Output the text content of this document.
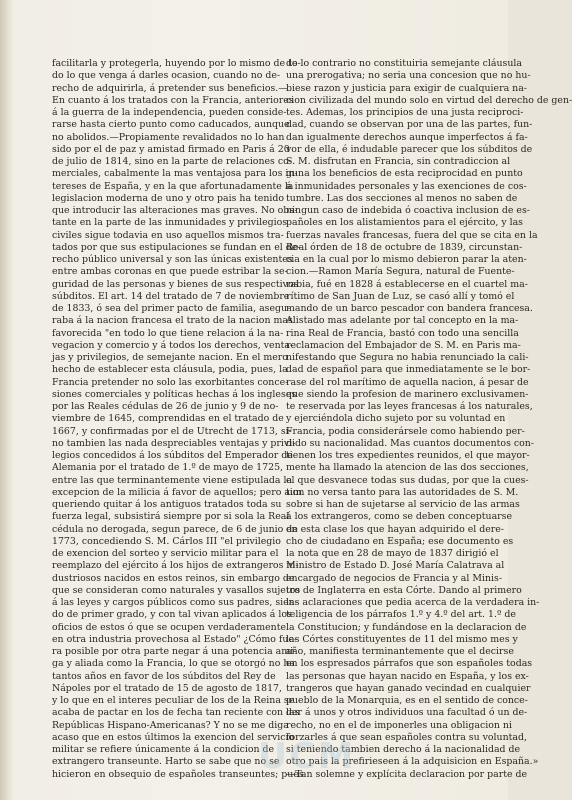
facilitarla y protegerla, huyendo por lo mismo de to-
do lo que venga á darles ocasion, cuando no de-
recho de adquirirla, á pretender sus beneficios.—
En cuanto á los tratados con la Francia, anteriores
á la guerra de la independencia, pueden conside-
rarse hasta cierto punto como caducados, aunque
no abolidos.—Propiamente revalidados no lo han
sido por el de paz y amistad firmado en Paris á 20
de julio de 1814, sino en la parte de relaciones co-
merciales, cabalmente la mas ventajosa para los in-
tereses de España, y en la que afortunadamente la
legislacion moderna de uno y otro pais ha tenido
que introducir las alteraciones mas graves. No obs-
tante en la parte de las inmunidades y privilegios
civiles sigue todavia en uso aquellos mismos tra-
tados por que sus estipulaciones se fundan en el de-
recho público universal y son las únicas existentes
entre ambas coronas en que puede estribar la se-
guridad de las personas y bienes de sus respectivos
súbditos. El art. 14 del tratado de 7 de noviembre
de 1833, ó sea del primer pacto de familia, asegu-
raba á la nacion francesa el trato de la nacion mas
favorecida "en todo lo que tiene relacion á la na-
vegacion y comercio y á todos los derechos, venta-
jas y privilegios, de semejante nacion. En el mero
hecho de establecer esta cláusula, podia, pues, la
Francia pretender no solo las exorbitantes conce-
siones comerciales y políticas hechas á los ingleses
por las Reales cédulas de 26 de junio y 9 de no-
viembre de 1645, comprendidas en el tratado de
1667, y confirmadas por el de Utrecht de 1713, si-
no tambien las nada despreciables ventajas y privi-
legios concedidos á los súbditos del Emperador de
Alemania por el tratado de 1.º de mayo de 1725,
entre las que terminantemente viene estipulada la
excepcion de la milicia á favor de aquellos; pero aun
queriendo quitar á los antiguos tratados toda su
fuerza legal, subsistirá siempre por si sola la Real
cédula no derogada, segun parece, de 6 de junio de
1773, concediendo S. M. Cárlos III "el privilegio
de exencion del sorteo y servicio militar para el
reemplazo del ejército á los hijos de extrangeros in-
dustriosos nacidos en estos reinos, sin embargo de
que se consideran como naturales y vasallos sujetos
á las leyes y cargos públicos como sus padres, sien-
do de primer grado, y con tal vivan aplicados á los
oficios de estos ó que se ocupen verdaderamente
en otra industria provechosa al Estado" ¿Cómo fue-
ra posible por otra parte negar á una potencia ami-
ga y aliada como la Francia, lo que se otorgó no ha
tantos años en favor de los súbditos del Rey de
Nápoles por el tratado de 15 de agosto de 1817,
y lo que en el interes peculiar de los de la Reina se
acaba de pactar en los de fecha tan reciente con las
Repúblicas Hispano-Americanas? Y no se me diga
acaso que en estos últimos la exencion del servicio
militar se refiere únicamente á la condicion de
extrangero transeunte. Harto se sabe que no se
hicieron en obsequio de españoles transeuntes; pues
de lo contrario no constituiria semejante cláusula
una prerogativa; no seria una concesion que no hu-
biese razon y justicia para exigir de cualquiera na-
cion civilizada del mundo solo en virtud del derecho de gen-
tes. Ademas, los principios de una justa reciproci-
dad, cuando se observan por una de las partes, fun-
dan igualmente derechos aunque imperfectos á fa-
vor de ella, é indudable parecer que los súbditos de
S. M. disfrutan en Francia, sin contradiccion al
guna los beneficios de esta reciprocidad en punto
á inmunidades personales y las exenciones de cos-
tumbre. Las dos secciones al menos no saben de
ningun caso de indebida ó coactiva inclusion de es-
pañoles en los alistamientos para el ejército, y las
fuerzas navales francesas, fuera del que se cita en la
Real órden de 18 de octubre de 1839, circunstan-
cia en la cual por lo mismo debieron parar la aten-
cion.—Ramon María Segura, natural de Fuente-
rabia, fué en 1828 á establecerse en el cuartel ma-
rítimo de San Juan de Luz, se casó allí y tomó el
mando de un barco pescador con bandera francesa.
Alistado mas adelante por tal concepto en la ma-
rina Real de Francia, bastó con todo una sencilla
reclamacion del Embajador de S. M. en Paris ma-
nifestando que Segura no habia renunciado la cali-
dad de español para que inmediatamente se le bor-
rase del rol marítimo de aquella nacion, á pesar de
que siendo la profesion de marinero exclusivamen-
te reservada por las leyes francesas á los naturales,
y ejerciéndola dicho sujeto por su voluntad en
Francia, podia considerársele como habiendo per-
dido su nacionalidad. Mas cuantos documentos con-
tienen los tres expedientes reunidos, el que mayor-
mente ha llamado la atencion de las dos secciones,
el que desvanece todas sus dudas, por que la cues-
tion no versa tanto para las autoridades de S. M.
sobre si han de sujetarse al servicio de las armas
á los extrangeros, como se deben conceptuarse
en esta clase los que hayan adquirido el dere-
cho de ciudadano en España; ese documento es
la nota que en 28 de mayo de 1837 dirigió el
Ministro de Estado D. José María Calatrava al
encargado de negocios de Francia y al Minis-
tro de Inglaterra en esta Córte. Dando al primero
las aclaraciones que pedia acerca de la verdadera in-
teligencia de los párrafos 1.º y 4.º del art. 1.º de
la Constitucion; y fundándose en la declaracion de
las Córtes constituyentes de 11 del mismo mes y
año, manifiesta terminantemente que el decirse
en los espresados párrafos que son españoles todas
las personas que hayan nacido en España, y los ex-
trangeros que hayan ganado vecindad en cualquier
pueblo de la Monarquia, es en el sentido de conce-
der á unos y otros individuos una facultad ó un de-
recho, no en el de imponerles una obligacion ni
forzarles á que sean españoles contra su voluntad,
si teniendo tambien derecho á la nacionalidad de
otro pais la prefirieseen á la adquisicion en España.»
—Tan solemne y explícita declaracion por parte de
UCM
